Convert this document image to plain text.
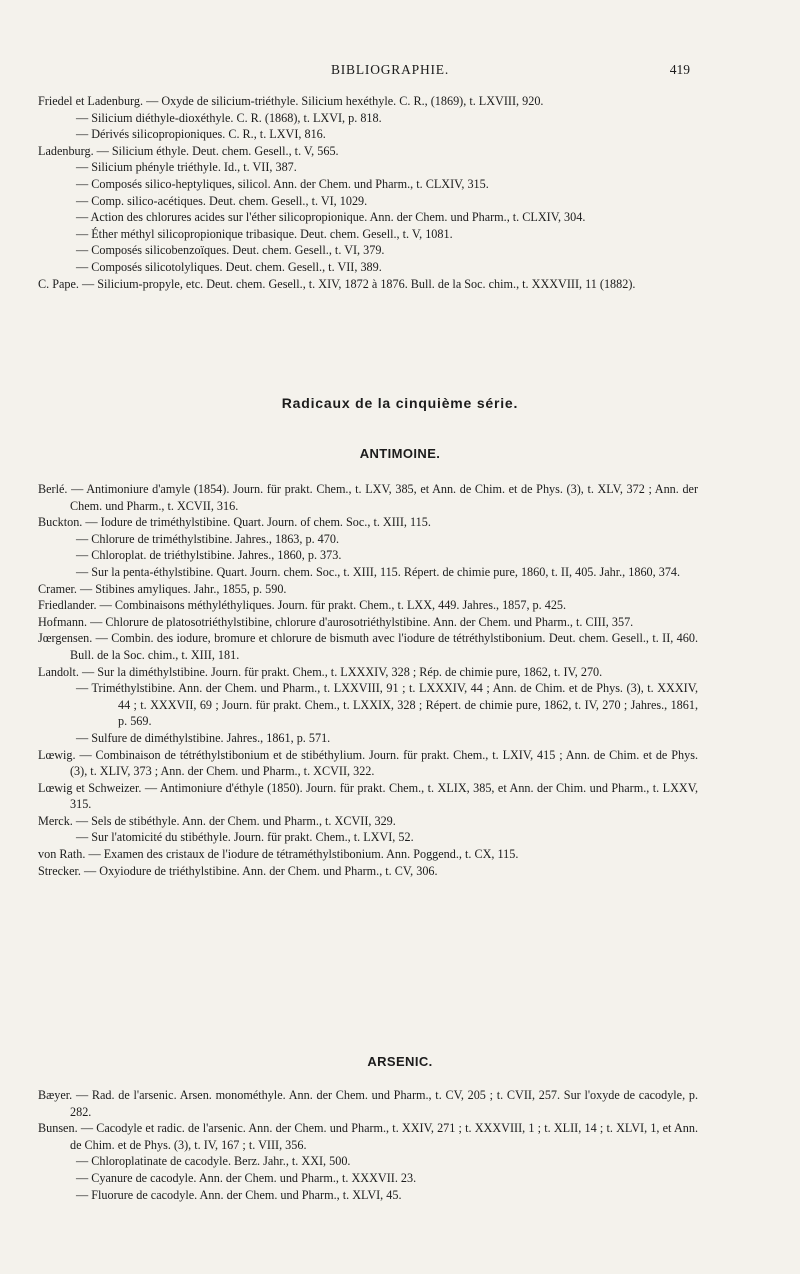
BIBLIOGRAPHIE.	419
Friedel et Ladenburg. — Oxyde de silicium-triéthyle. Silicium hexéthyle. C. R., (1869), t. LXVIII, 920.
— Silicium diéthyle-dioxéthyle. C. R. (1868), t. LXVI, p. 818.
— Dérivés silicopropioniques. C. R., t. LXVI, 816.
Ladenburg. — Silicium éthyle. Deut. chem. Gesell., t. V, 565.
— Silicium phényle triéthyle. Id., t. VII, 387.
— Composés silico-heptyliques, silicol. Ann. der Chem. und Pharm., t. CLXIV, 315.
— Comp. silico-acétiques. Deut. chem. Gesell., t. VI, 1029.
— Action des chlorures acides sur l'éther silicopropionique. Ann. der Chem. und Pharm., t. CLXIV, 304.
— Éther méthyl silicopropionique tribasique. Deut. chem. Gesell., t. V, 1081.
— Composés silicobenzoïques. Deut. chem. Gesell., t. VI, 379.
— Composés silicotolyliques. Deut. chem. Gesell., t. VII, 389.
C. Pape. — Silicium-propyle, etc. Deut. chem. Gesell., t. XIV, 1872 à 1876. Bull. de la Soc. chim., t. XXXVIII, 11 (1882).
Radicaux de la cinquième série.
ANTIMOINE.
Berlé. — Antimoniure d'amyle (1854). Journ. für prakt. Chem., t. LXV, 385, et Ann. de Chim. et de Phys. (3), t. XLV, 372 ; Ann. der Chem. und Pharm., t. XCVII, 316.
Buckton. — Iodure de triméthylstibine. Quart. Journ. of chem. Soc., t. XIII, 115.
— Chlorure de triméthylstibine. Jahres., 1863, p. 470.
— Chloroplat. de triéthylstibine. Jahres., 1860, p. 373.
— Sur la penta-éthylstibine. Quart. Journ. chem. Soc., t. XIII, 115. Répert. de chimie pure, 1860, t. II, 405. Jahr., 1860, 374.
Cramer. — Stibines amyliques. Jahr., 1855, p. 590.
Friedlander. — Combinaisons méthyléthyliques. Journ. für prakt. Chem., t. LXX, 449. Jahres., 1857, p. 425.
Hofmann. — Chlorure de platosotriéthylstibine, chlorure d'aurosotriéthylstibine. Ann. der Chem. und Pharm., t. CIII, 357.
Jœrgensen. — Combin. des iodure, bromure et chlorure de bismuth avec l'iodure de tétréthylstibonium. Deut. chem. Gesell., t. II, 460. Bull. de la Soc. chim., t. XIII, 181.
Landolt. — Sur la diméthylstibine. Journ. für prakt. Chem., t. LXXXIV, 328 ; Rép. de chimie pure, 1862, t. IV, 270.
— Triméthylstibine. Ann. der Chem. und Pharm., t. LXXVIII, 91 ; t. LXXXIV, 44 ; Ann. de Chim. et de Phys. (3), t. XXXIV, 44 ; t. XXXVII, 69 ; Journ. für prakt. Chem., t. LXXIX, 328 ; Répert. de chimie pure, 1862, t. IV, 270 ; Jahres., 1861, p. 569.
— Sulfure de diméthylstibine. Jahres., 1861, p. 571.
Lœwig. — Combinaison de tétréthylstibonium et de stibéthylium. Journ. für prakt. Chem., t. LXIV, 415 ; Ann. de Chim. et de Phys. (3), t. XLIV, 373 ; Ann. der Chem. und Pharm., t. XCVII, 322.
Lœwig et Schweizer. — Antimoniure d'éthyle (1850). Journ. für prakt. Chem., t. XLIX, 385, et Ann. der Chim. und Pharm., t. LXXV, 315.
Merck. — Sels de stibéthyle. Ann. der Chem. und Pharm., t. XCVII, 329.
— Sur l'atomicité du stibéthyle. Journ. für prakt. Chem., t. LXVI, 52.
von Rath. — Examen des cristaux de l'iodure de tétraméthylstibonium. Ann. Poggend., t. CX, 115.
Strecker. — Oxyiodure de triéthylstibine. Ann. der Chem. und Pharm., t. CV, 306.
ARSENIC.
Bæyer. — Rad. de l'arsenic. Arsen. monométhyle. Ann. der Chem. und Pharm., t. CV, 205 ; t. CVII, 257. Sur l'oxyde de cacodyle, p. 282.
Bunsen. — Cacodyle et radic. de l'arsenic. Ann. der Chem. und Pharm., t. XXIV, 271 ; t. XXXVIII, 1 ; t. XLII, 14 ; t. XLVI, 1, et Ann. de Chim. et de Phys. (3), t. IV, 167 ; t. VIII, 356.
— Chloroplatinate de cacodyle. Berz. Jahr., t. XXI, 500.
— Cyanure de cacodyle. Ann. der Chem. und Pharm., t. XXXVII. 23.
— Fluorure de cacodyle. Ann. der Chem. und Pharm., t. XLVI, 45.
